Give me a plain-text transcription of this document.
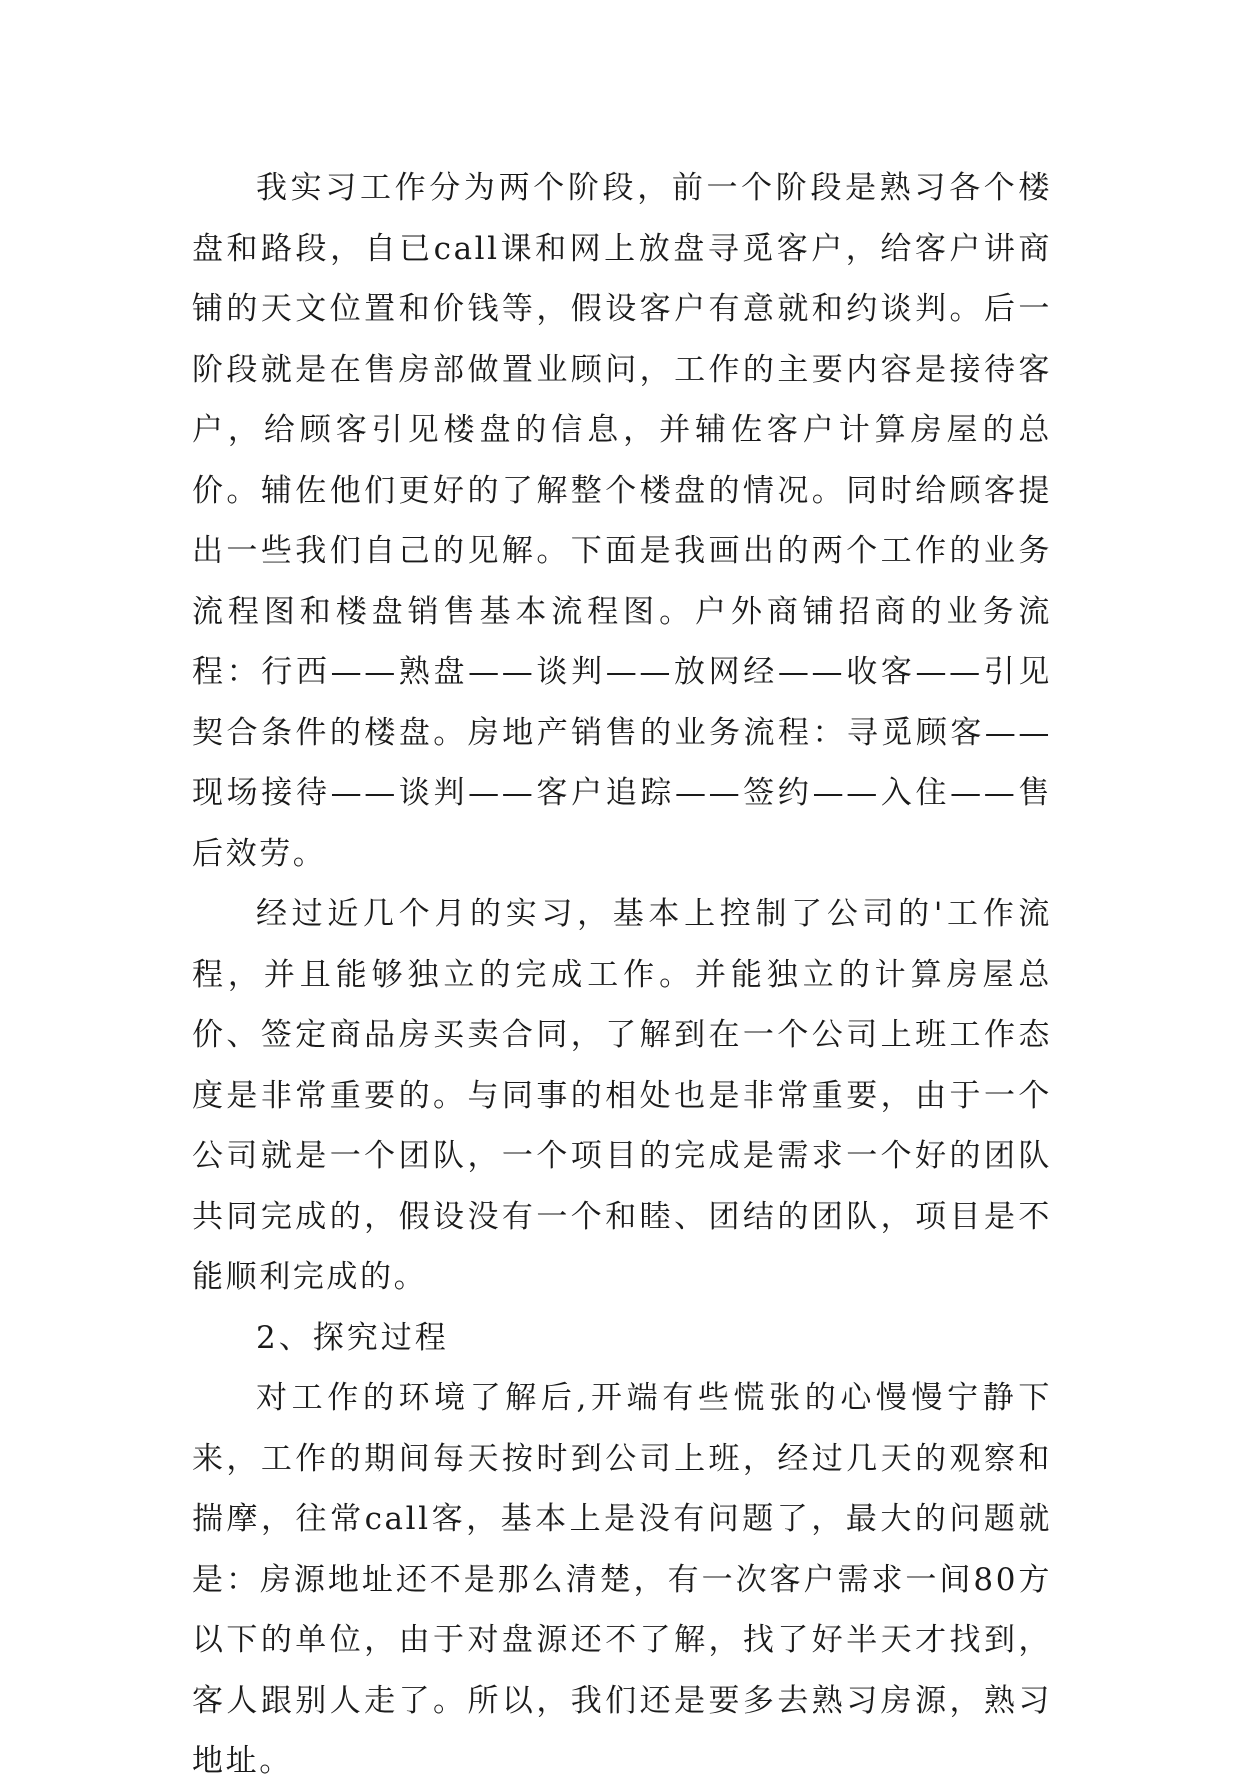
我实习工作分为两个阶段，前一个阶段是熟习各个楼盘和路段，自已call课和网上放盘寻觅客户，给客户讲商铺的天文位置和价钱等，假设客户有意就和约谈判。后一阶段就是在售房部做置业顾问，工作的主要内容是接待客户，给顾客引见楼盘的信息，并辅佐客户计算房屋的总价。辅佐他们更好的了解整个楼盘的情况。同时给顾客提出一些我们自己的见解。下面是我画出的两个工作的业务流程图和楼盘销售基本流程图。户外商铺招商的业务流程：行西——熟盘——谈判——放网经——收客——引见契合条件的楼盘。房地产销售的业务流程：寻觅顾客——现场接待——谈判——客户追踪——签约——入住——售后效劳。

经过近几个月的实习，基本上控制了公司的'工作流程，并且能够独立的完成工作。并能独立的计算房屋总价、签定商品房买卖合同，了解到在一个公司上班工作态度是非常重要的。与同事的相处也是非常重要，由于一个公司就是一个团队，一个项目的完成是需求一个好的团队共同完成的，假设没有一个和睦、团结的团队，项目是不能顺利完成的。

2、探究过程

对工作的环境了解后,开端有些慌张的心慢慢宁静下来，工作的期间每天按时到公司上班，经过几天的观察和揣摩，往常call客，基本上是没有问题了，最大的问题就是：房源地址还不是那么清楚，有一次客户需求一间80方以下的单位，由于对盘源还不了解，找了好半天才找到，客人跟别人走了。所以，我们还是要多去熟习房源，熟习地址。
